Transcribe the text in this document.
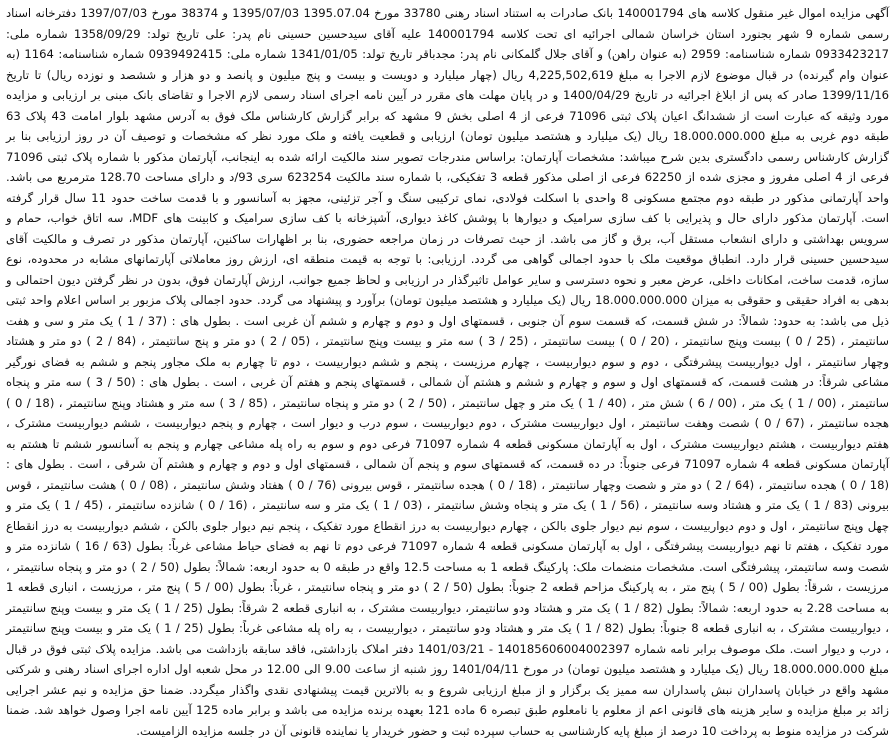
آگهی مزایده اموال غیر منقول کلاسه های 140001794 بانک صادرات به استناد اسناد رهنی 33780 مورخ 1395.07.04 1395/07/03 و 38374 مورخ 1397/07/03 دفترخانه اسناد رسمی شماره 9 شهر بجنورد استان خراسان شمالی اجرائیه ای تحت کلاسه 140001794 علیه آقای سیدحسین حسینی نام پدر: علی تاریخ تولد: 1358/09/29 شماره ملی: 0933423217 شماره شناسنامه: 2959 (به عنوان راهن) و آقای جلال گلمکانی نام پدر: مجدباقر تاریخ تولد: 1341/01/05 شماره ملی: 0939492415 شماره شناسنامه: 1164 (به عنوان وام گیرنده) در قبال موضوع لازم الاجرا به مبلغ 4,225,502,619 ریال (چهار میلیارد و دویست و بیست و پنج میلیون و پانصد و دو هزار و ششصد و نوزده ریال) تا تاریخ 1399/11/16 صادر که پس از ابلاغ اجرائیه در تاریخ 1400/04/29 و در پایان مهلت های مقرر در آیین نامه اجرای اسناد رسمی لازم الاجرا و تقاضای بانک مبنی بر ارزیابی و مزایده مورد وثیقه که عبارت است از ششدانگ اعیان پلاک ثبتی 71096 فرعی از 4 اصلی بخش 9 مشهد که برابر گزارش کارشناس ملک فوق به آدرس مشهد بلوار امامت 43 پلاک 63 طبقه دوم غربی به مبلغ 18.000.000.000 ریال (یک میلیارد و هشتصد میلیون تومان) ارزیابی و قطعیت یافته و ملک مورد نظر که مشخصات و توصیف آن در روز ارزیابی بنا بر گزارش کارشناس رسمی دادگستری بدین شرح میباشد: مشخصات آپارتمان: براساس مندرجات تصویر سند مالکیت ارائه شده به اینجانب، آپارتمان مذکور با شماره پلاک ثبتی 71096 فرعی از 4 اصلی مفروز و مجزی شده از 62250 فرعی از اصلی مذکور قطعه 3 تفکیکی، با شماره سند مالکیت 623254 سری 93/د و دارای مساحت 128.70 مترمربع می باشد. واحد آپارتمانی مذکور در طبقه دوم مجتمع مسکونی 8 واحدی با اسکلت فولادی، نمای ترکیبی سنگ و آجر تزئینی، مجهز به آسانسور و با قدمت ساخت حدود 11 سال قرار گرفته است. آپارتمان مذکور دارای حال و پذیرایی با کف سازی سرامیک و دیوارها با پوشش کاغذ دیواری، آشپزخانه با کف سازی سرامیک و کابینت های MDF، سه اتاق خواب، حمام و سرویس بهداشتی و دارای انشعاب مستقل آب، برق و گاز می باشد. از حیث تصرفات در زمان مراجعه حضوری، بنا بر اظهارات ساکنین، آپارتمان مذکور در تصرف و مالکیت آقای سیدحسین حسینی قرار دارد. انطباق موقعیت ملک با حدود اجمالی گواهی می گردد. ارزیابی: با توجه به قیمت منطقه ای، ارزش روز معاملاتی آپارتمانهای مشابه در محدوده، نوع سازه، قدمت ساخت، امکانات داخلی، عرض معبر و نحوه دسترسی و سایر عوامل تاثیرگذار در ارزیابی و لحاظ جمیع جوانب، ارزش آپارتمان فوق، بدون در نظر گرفتن دیون احتمالی و بدهی به افراد حقیقی و حقوقی به میزان 18.000.000.000 ریال (یک میلیارد و هشتصد میلیون تومان) برآورد و پیشنهاد می گردد. حدود اجمالی پلاک مزبور بر اساس اعلام واحد ثبتی ذیل می باشد: به حدود: شمالاً: در شش قسمت، که قسمت سوم آن جنوبی ، قسمتهای اول و دوم و چهارم و ششم آن غربی است . بطول های : (37 / 1 ) یک متر و سی و هفت سانتیمتر ، (25 / 0 ) بیست وپنج سانتیمتر ، (20 / 0 ) بیست سانتیمتر ، (25 / 3 ) سه متر و بیست وپنج سانتیمتر ، (05 / 2 ) دو متر و پنج سانتیمتر ، (84 / 2 ) دو متر و هشتاد وچهار سانتیمتر ، اول دیواربیست پیشرفتگی ، دوم و سوم دیواربیست ، چهارم مرزیست ، پنجم و ششم دیواربیست ، دوم تا چهارم به ملک مجاور پنجم و ششم به فضای نورگیر مشاعی شرقاً: در هشت قسمت، که قسمتهای اول و سوم و چهارم و ششم و هشتم آن شمالی ، قسمتهای پنجم و هفتم آن غربی ، است . بطول های : (50 / 3 ) سه متر و پنجاه سانتیمتر ، (00 / 1 ) یک متر ، (00 / 6 ) شش متر ، (40 / 1 ) یک متر و چهل سانتیمتر ، (50 / 2 ) دو متر و پنجاه سانتیمتر ، (85 / 3 ) سه متر و هشتاد وپنج سانتیمتر ، (18 / 0 ) هجده سانتیمتر ، (67 / 0 ) شصت وهفت سانتیمتر ، اول دیواربیست مشترک ، دوم دیواربیست ، سوم درب و دیوار است ، چهارم و پنجم دیواربیست ، ششم دیواربیست مشترک ، هفتم دیواربیست ، هشتم دیواربیست مشترک ، اول به آپارتمان مسکونی قطعه 4 شماره 71097 فرعی دوم و سوم به راه پله مشاعی چهارم و پنجم به آسانسور ششم تا هشتم به آپارتمان مسکونی قطعه 4 شماره 71097 فرعی جنوباً: در ده قسمت، که قسمتهای سوم و پنجم آن شمالی ، قسمتهای اول و دوم و چهارم و هشتم آن شرقی ، است . بطول های : (18 / 0 ) هجده سانتیمتر ، (64 / 2 ) دو متر و شصت وچهار سانتیمتر ، (18 / 0 ) هجده سانتیمتر ، قوس بیرونی (76 / 0 ) هفتاد وشش سانتیمتر ، (08 / 0 ) هشت سانتیمتر ، قوس بیرونی (83 / 1 ) یک متر و هشتاد وسه سانتیمتر ، (56 / 1 ) یک متر و پنجاه وشش سانتیمتر ، (03 / 1 ) یک متر و سه سانتیمتر ، (16 / 0 ) شانزده سانتیمتر ، (45 / 1 ) یک متر و چهل وپنج سانتیمتر ، اول و دوم دیواربیست ، سوم نیم دیوار جلوی بالکن ، چهارم دیواربیست به درز انقطاع مورد تفکیک ، پنجم نیم دیوار جلوی بالکن ، ششم دیواربیست به درز انقطاع مورد تفکیک ، هفتم تا نهم دیواربیست پیشرفتگی ، اول به آپارتمان مسکونی قطعه 4 شماره 71097 فرعی دوم تا نهم به فضای حیاط مشاعی غرباً: بطول (63 / 16 ) شانزده متر و شصت وسه سانتیمتر، پیشرفتگی است. مشخصات منضمات ملک: پارکینگ قطعه 1 به مساحت 12.5 واقع در طبقه 0 به حدود اربعه: شمالاً: بطول (50 / 2 ) دو متر و پنجاه سانتیمتر ، مرزیست ، شرقاً: بطول (00 / 5 ) پنج متر ، به پارکینگ مزاحم قطعه 2 جنوباً: بطول (50 / 2 ) دو متر و پنجاه سانتیمتر ، غرباً: بطول (00 / 5 ) پنج متر ، مرزیست ، انباری قطعه 1 به مساحت 2.28 به حدود اربعه: شمالاً: بطول (82 / 1 ) یک متر و هشتاد ودو سانتیمتر، دیواربیست مشترک ، به انباری قطعه 2 شرقاً: بطول (25 / 1 ) یک متر و بیست وپنج سانتیمتر ، دیواربیست مشترک ، به انباری قطعه 8 جنوباً: بطول (82 / 1 ) یک متر و هشتاد ودو سانتیمتر ، دیواربیست ، به راه پله مشاعی غرباً: بطول (25 / 1 ) یک متر و بیست وپنج سانتیمتر ، درب و دیوار است. ملک موصوف برابر نامه شماره 140185606004002397 - 1401/03/21 دفتر املاک بازداشتی، فاقد سابقه بازداشت می باشد. مزایده پلاک ثبتی فوق در قبال مبلغ 18.000.000.000 ریال (یک میلیارد و هشتصد میلیون تومان) در مورخ 1401/04/11 روز شنبه از ساعت 9.00 الی 12.00 در محل شعبه اول اداره اجرای اسناد رهنی و شرکتی مشهد واقع در خیابان پاسداران نبش پاسداران سه ممیز یک برگزار و از مبلغ ارزیابی شروع و به بالاترین قیمت پیشنهادی نقدی واگذار میگردد. ضمنا حق مزایده و نیم عشر اجرایی زائد بر مبلغ مزایده و سایر هزینه های قانونی اعم از معلوم یا نامعلوم طبق تبصره 6 ماده 121 بعهده برنده مزایده می باشد و برابر ماده 125 آیین نامه اجرا وصول خواهد شد. ضمنا شرکت در مزایده منوط به پرداخت 10 درصد از مبلغ پایه کارشناسی به حساب سپرده ثبت و حضور خریدار یا نماینده قانونی آن در جلسه مزایده الزامیست.
